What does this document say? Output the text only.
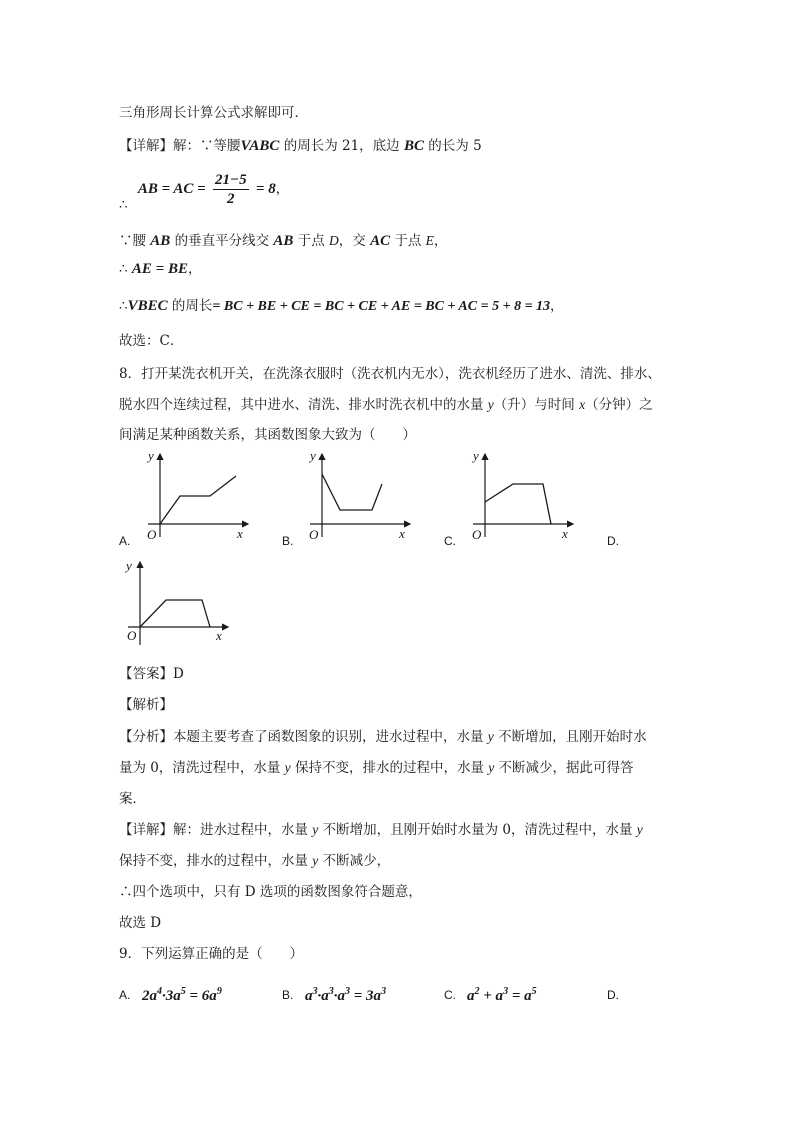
三角形周长计算公式求解即可．
【详解】解：∵等腰VABC 的周长为 21，底边 BC 的长为 5
∴ AB = AC = $\frac{21-5}{2} = 8$，
∵腰 AB 的垂直平分线交 AB 于点 D，交 AC 于点 E，
∴ AE = BE，
∴VBEC 的周长= BC + BE + CE = BC + CE + AE = BC + AC = 5 + 8 = 13，
故选：C．
8．打开某洗衣机开关，在洗涤衣服时（洗衣机内无水），洗衣机经历了进水、清洗、排水、
脱水四个连续过程，其中进水、清洗、排水时洗衣机中的水量 y（升）与时间 x（分钟）之
间满足某种函数关系，其函数图象大致为（　　）
y
x
O
A.
y
x
O
B.
y
x
O
C.	D.
y
x
O
【答案】D
【解析】
【分析】本题主要考查了函数图象的识别，进水过程中，水量 y 不断增加，且刚开始时水
量为 0，清洗过程中，水量 y 保持不变，排水的过程中，水量 y 不断减少，据此可得答
案．
【详解】解：进水过程中，水量 y 不断增加，且刚开始时水量为 0，清洗过程中，水量 y
保持不变，排水的过程中，水量 y 不断减少，
∴四个选项中，只有 D 选项的函数图象符合题意，
故选 D
9．下列运算正确的是（　　）
A. $2a^4\cdot 3a^5 = 6a^9$	B. $a^3\cdot a^3\cdot a^3 = 3a^3$	C. $a^2 + a^3 = a^5$	D.
